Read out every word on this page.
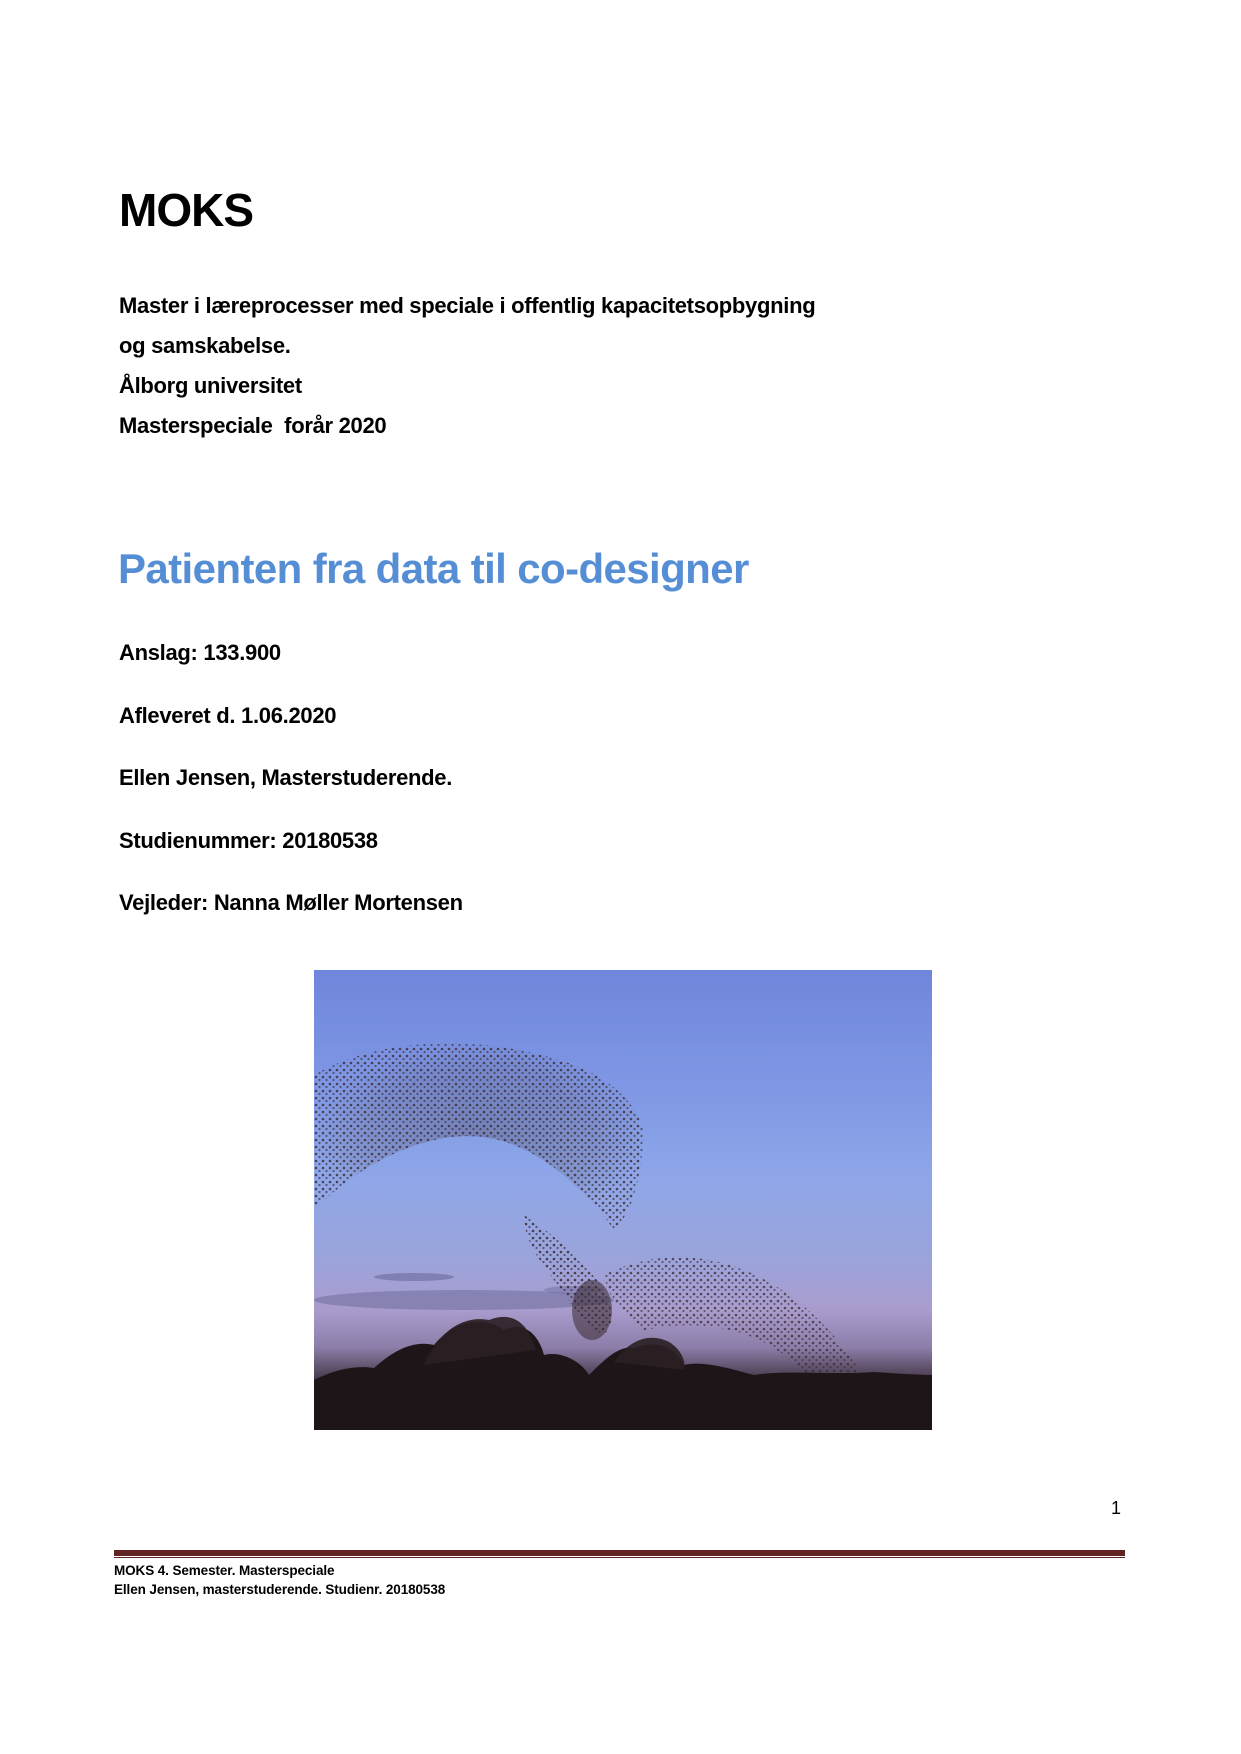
MOKS
Master i læreprocesser med speciale i offentlig kapacitetsopbygning
og samskabelse.
Ålborg universitet
Masterspeciale  forår 2020
Patienten fra data til co-designer
Anslag: 133.900
Afleveret d. 1.06.2020
Ellen Jensen, Masterstuderende.
Studienummer: 20180538
Vejleder: Nanna Møller Mortensen
1
MOKS 4. Semester. Masterspeciale
Ellen Jensen, masterstuderende. Studienr. 20180538
